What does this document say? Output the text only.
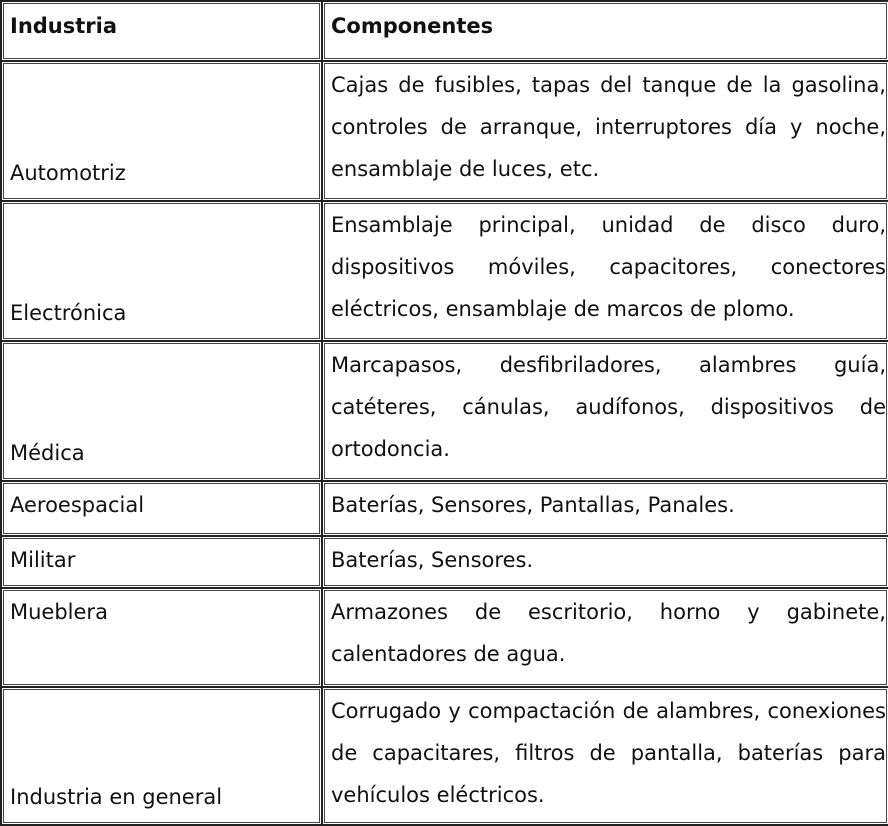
Industria	Componentes
Automotriz	Cajas de fusibles, tapas del tanque de la gasolina, controles de arranque, interruptores día y noche, ensamblaje de luces, etc.
Electrónica	Ensamblaje principal, unidad de disco duro, dispositivos móviles, capacitores, conectores eléctricos, ensamblaje de marcos de plomo.
Médica	Marcapasos, desfibriladores, alambres guía, catéteres, cánulas, audífonos, dispositivos de ortodoncia.
Aeroespacial	Baterías, Sensores, Pantallas, Panales.
Militar	Baterías, Sensores.
Mueblera	Armazones de escritorio, horno y gabinete, calentadores de agua.
Industria en general	Corrugado y compactación de alambres, conexiones de capacitares, filtros de pantalla, baterías para vehículos eléctricos.
